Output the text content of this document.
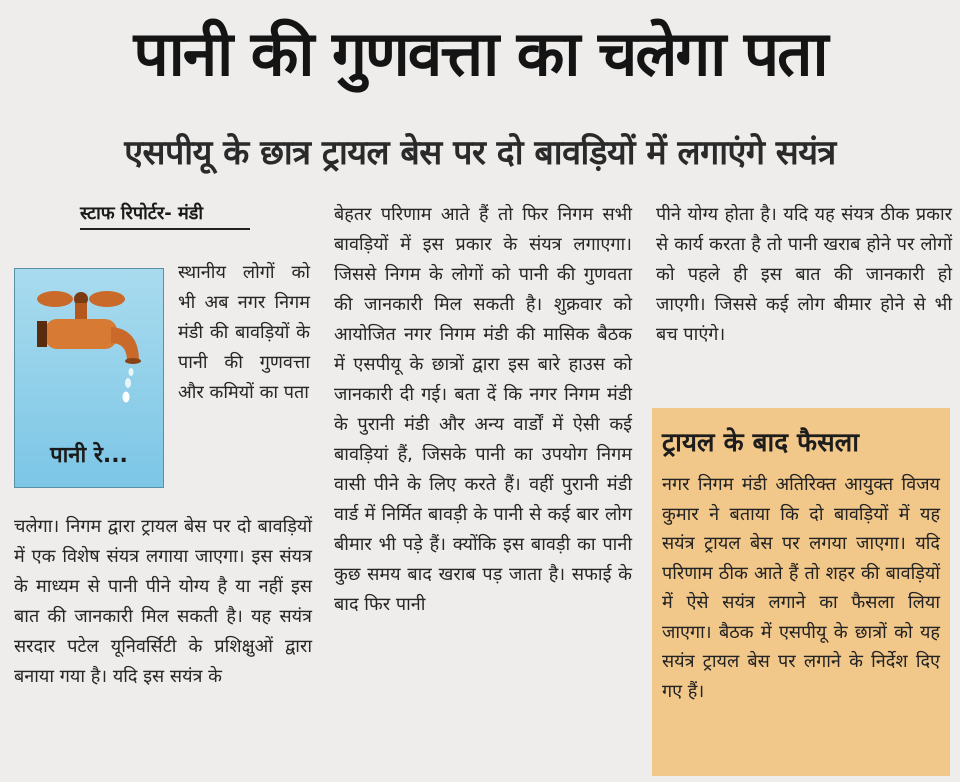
पानी की गुणवत्ता का चलेगा पता
एसपीयू के छात्र ट्रायल बेस पर दो बावड़ियों में लगाएंगे सयंत्र
स्टाफ रिपोर्टर- मंडी
पानी रे...

स्थानीय लोगों को भी अब नगर निगम मंडी की बावड़ियों के पानी की गुणवत्ता और कमियों का पता

चलेगा। निगम द्वारा ट्रायल बेस पर दो बावड़ियों में एक विशेष संयत्र लगाया जाएगा। इस संयत्र के माध्यम से पानी पीने योग्य है या नहीं इस बात की जानकारी मिल सकती है। यह सयंत्र सरदार पटेल यूनिवर्सिटी के प्रशिक्षुओं द्वारा बनाया गया है। यदि इस सयंत्र के

बेहतर परिणाम आते हैं तो फिर निगम सभी बावड़ियों में इस प्रकार के संयत्र लगाएगा। जिससे निगम के लोगों को पानी की गुणवता की जानकारी मिल सकती है। शुक्रवार को आयोजित नगर निगम मंडी की मासिक बैठक में एसपीयू के छात्रों द्वारा इस बारे हाउस को जानकारी दी गई। बता दें कि नगर निगम मंडी के पुरानी मंडी और अन्य वार्डों में ऐसी कई बावड़ियां हैं, जिसके पानी का उपयोग निगम वासी पीने के लिए करते हैं। वहीं पुरानी मंडी वार्ड में निर्मित बावड़ी के पानी से कई बार लोग बीमार भी पड़े हैं। क्योंकि इस बावड़ी का पानी कुछ समय बाद खराब पड़ जाता है। सफाई के बाद फिर पानी

पीने योग्य होता है। यदि यह संयत्र ठीक प्रकार से कार्य करता है तो पानी खराब होने पर लोगों को पहले ही इस बात की जानकारी हो जाएगी। जिससे कई लोग बीमार होने से भी बच पाएंगे।

ट्रायल के बाद फैसला
नगर निगम मंडी अतिरिक्त आयुक्त विजय कुमार ने बताया कि दो बावड़ियों में यह सयंत्र ट्रायल बेस पर लगया जाएगा। यदि परिणाम ठीक आते हैं तो शहर की बावड़ियों में ऐसे सयंत्र लगाने का फैसला लिया जाएगा। बैठक में एसपीयू के छात्रों को यह सयंत्र ट्रायल बेस पर लगाने के निर्देश दिए गए हैं।
